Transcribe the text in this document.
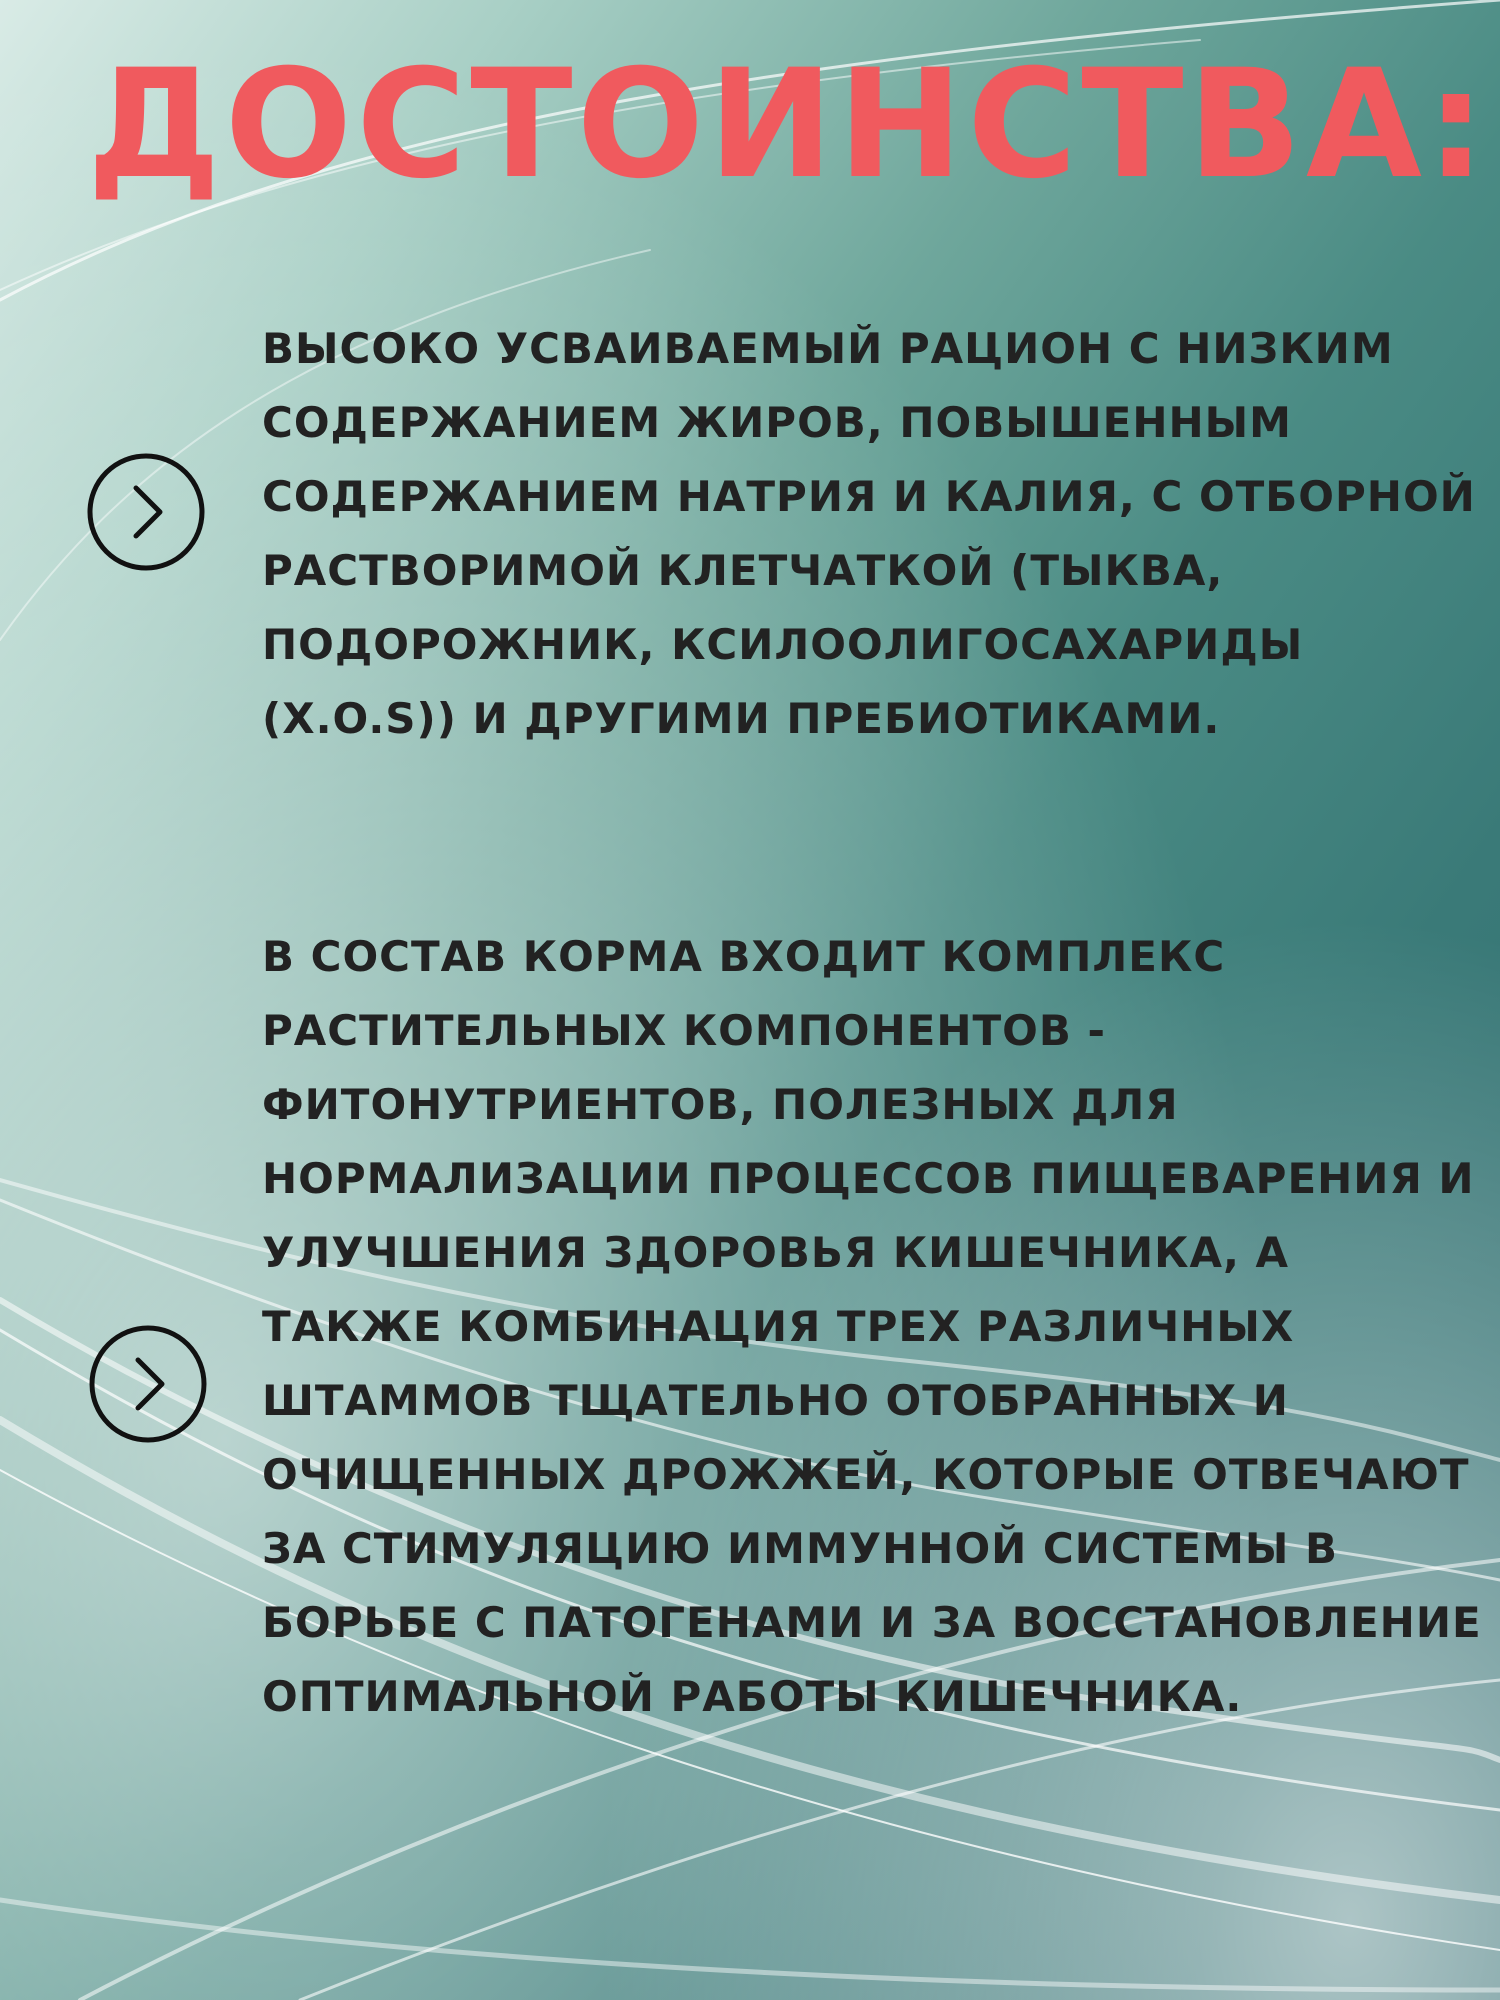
ДОСТОИНСТВА:
ВЫСОКО УСВАИВАЕМЫЙ РАЦИОН С НИЗКИМ СОДЕРЖАНИЕМ ЖИРОВ, ПОВЫШЕННЫМ СОДЕРЖАНИЕМ НАТРИЯ И КАЛИЯ, С ОТБОРНОЙ РАСТВОРИМОЙ КЛЕТЧАТКОЙ (ТЫКВА, ПОДОРОЖНИК, КСИЛООЛИГОСАХАРИДЫ (X.O.S)) И ДРУГИМИ ПРЕБИОТИКАМИ.
В СОСТАВ КОРМА ВХОДИТ КОМПЛЕКС РАСТИТЕЛЬНЫХ КОМПОНЕНТОВ - ФИТОНУТРИЕНТОВ, ПОЛЕЗНЫХ ДЛЯ НОРМАЛИЗАЦИИ ПРОЦЕССОВ ПИЩЕВАРЕНИЯ И УЛУЧШЕНИЯ ЗДОРОВЬЯ КИШЕЧНИКА, А ТАКЖЕ КОМБИНАЦИЯ ТРЕХ РАЗЛИЧНЫХ ШТАММОВ ТЩАТЕЛЬНО ОТОБРАННЫХ И ОЧИЩЕННЫХ ДРОЖЖЕЙ, КОТОРЫЕ ОТВЕЧАЮТ ЗА СТИМУЛЯЦИЮ ИММУННОЙ СИСТЕМЫ В БОРЬБЕ С ПАТОГЕНАМИ И ЗА ВОССТАНОВЛЕНИЕ ОПТИМАЛЬНОЙ РАБОТЫ КИШЕЧНИКА.
